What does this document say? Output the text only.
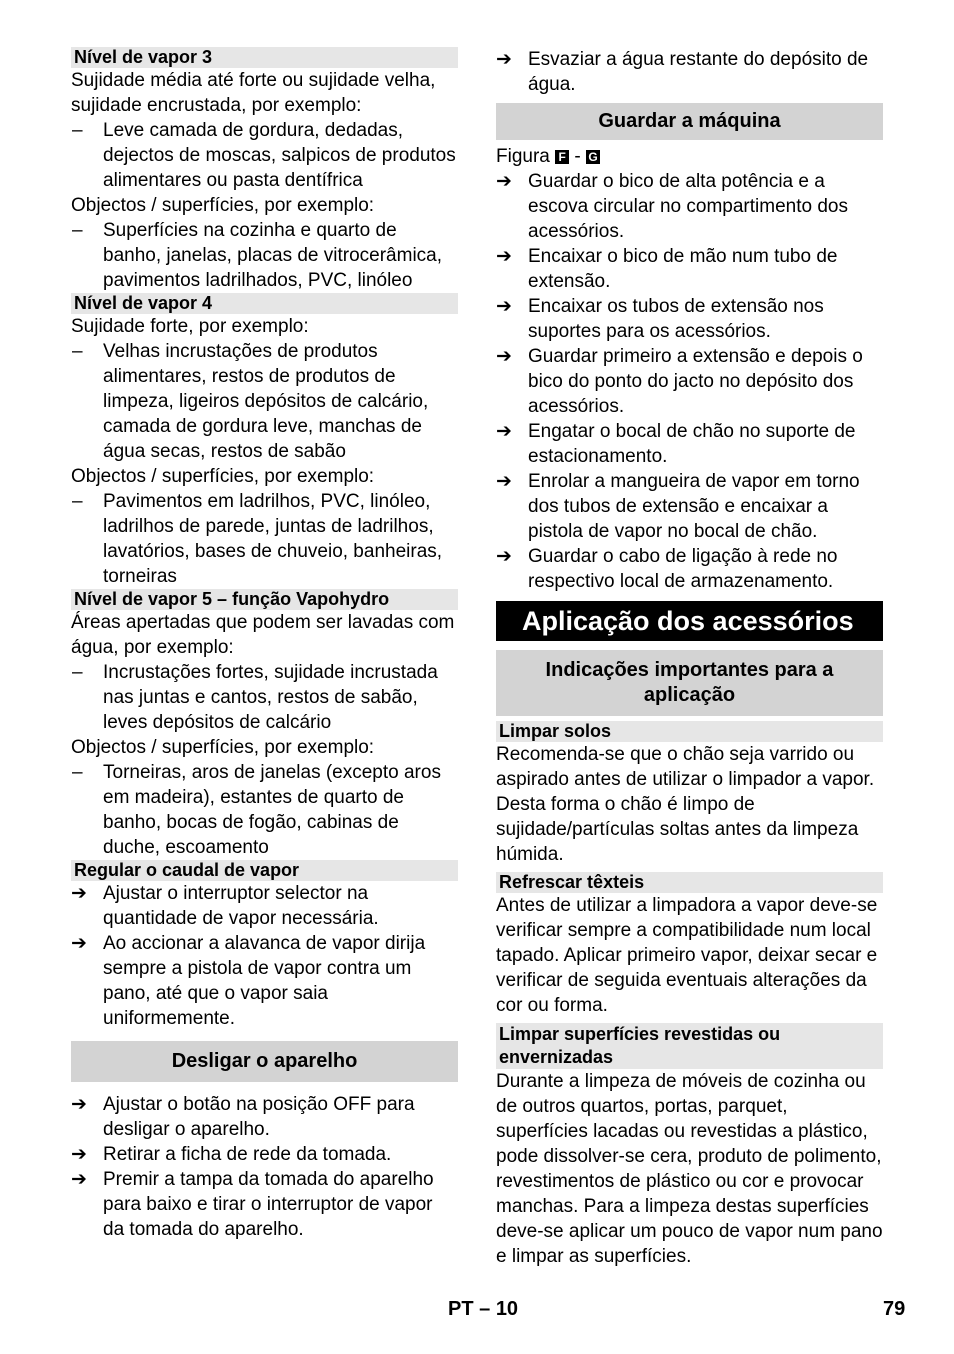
Nível de vapor 3

Sujidade média até forte ou sujidade velha, sujidade encrustada, por exemplo:

–	Leve camada de gordura, dedadas, dejectos de moscas, salpicos de produtos alimentares ou pasta dentífrica

Objectos / superfícies, por exemplo:

–	Superfícies na cozinha e quarto de banho, janelas, placas de vitrocerâmica, pavimentos ladrilhados, PVC, linóleo
Nível de vapor 4

Sujidade forte, por exemplo:

–	Velhas incrustações de produtos alimentares, restos de produtos de limpeza, ligeiros depósitos de calcário, camada de gordura leve, manchas de água secas, restos de sabão

Objectos / superfícies, por exemplo:

–	Pavimentos em ladrilhos, PVC, linóleo, ladrilhos de parede, juntas de ladrilhos, lavatórios, bases de chuveio, banheiras, torneiras
Nível de vapor 5 – função Vapohydro

Áreas apertadas que podem ser lavadas com água, por exemplo:

–	Incrustações fortes, sujidade incrustada nas juntas e cantos, restos de sabão, leves depósitos de calcário

Objectos / superfícies, por exemplo:

–	Torneiras, aros de janelas (excepto aros em madeira), estantes de quarto de banho, bocas de fogão, cabinas de duche, escoamento
Regular o caudal de vapor
➔ Ajustar o interruptor selector na quantidade de vapor necessária.
➔ Ao accionar a alavanca de vapor dirija sempre a pistola de vapor contra um pano, até que o vapor saia uniformemente.
Desligar o aparelho
➔ Ajustar o botão na posição OFF para desligar o aparelho.
➔ Retirar a ficha de rede da tomada.
➔ Premir a tampa da tomada do aparelho para baixo e tirar o interruptor de vapor da tomada do aparelho.
➔ Esvaziar a água restante do depósito de água.
Guardar a máquina

Figura F - G

➔ Guardar o bico de alta potência e a escova circular no compartimento dos acessórios.
➔ Encaixar o bico de mão num tubo de extensão.
➔ Encaixar os tubos de extensão nos suportes para os acessórios.
➔ Guardar primeiro a extensão e depois o bico do ponto do jacto no depósito dos acessórios.
➔ Engatar o bocal de chão no suporte de estacionamento.
➔ Enrolar a mangueira de vapor em torno dos tubos de extensão e encaixar a pistola de vapor no bocal de chão.
➔ Guardar o cabo de ligação à rede no respectivo local de armazenamento.
Aplicação dos acessórios
Indicações importantes para a aplicação
Limpar solos

Recomenda-se que o chão seja varrido ou aspirado antes de utilizar o limpador a vapor. Desta forma o chão é limpo de sujidade/partículas soltas antes da limpeza húmida.

Refrescar têxteis

Antes de utilizar a limpadora a vapor deve-se verificar sempre a compatibilidade num local tapado. Aplicar primeiro vapor, deixar secar e verificar de seguida eventuais alterações da cor ou forma.

Limpar superfícies revestidas ou envernizadas

Durante a limpeza de móveis de cozinha ou de outros quartos, portas, parquet, superfícies lacadas ou revestidas a plástico, pode dissolver-se cera, produto de polimento, revestimentos de plástico ou cor e provocar manchas. Para a limpeza destas superfícies deve-se aplicar um pouco de vapor num pano e limpar as superfícies.

PT – 10	79
